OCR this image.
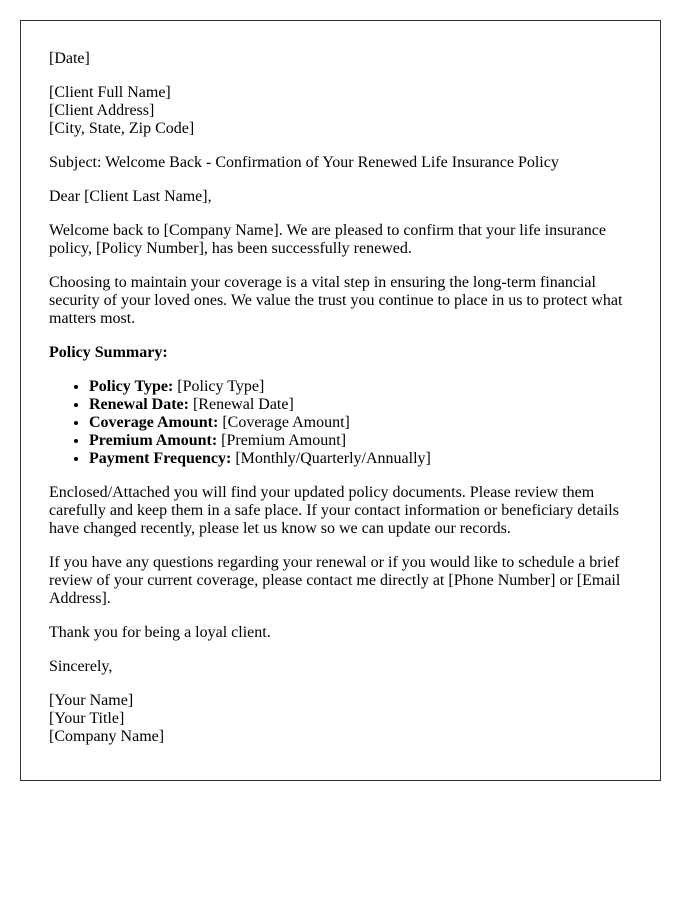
[Date]

[Client Full Name]
[Client Address]
[City, State, Zip Code]

Subject: Welcome Back - Confirmation of Your Renewed Life Insurance Policy

Dear [Client Last Name],

Welcome back to [Company Name]. We are pleased to confirm that your life insurance policy, [Policy Number], has been successfully renewed.

Choosing to maintain your coverage is a vital step in ensuring the long-term financial security of your loved ones. We value the trust you continue to place in us to protect what matters most.

Policy Summary:

• Policy Type: [Policy Type]
• Renewal Date: [Renewal Date]
• Coverage Amount: [Coverage Amount]
• Premium Amount: [Premium Amount]
• Payment Frequency: [Monthly/Quarterly/Annually]

Enclosed/Attached you will find your updated policy documents. Please review them carefully and keep them in a safe place. If your contact information or beneficiary details have changed recently, please let us know so we can update our records.

If you have any questions regarding your renewal or if you would like to schedule a brief review of your current coverage, please contact me directly at [Phone Number] or [Email Address].

Thank you for being a loyal client.

Sincerely,

[Your Name]
[Your Title]
[Company Name]
